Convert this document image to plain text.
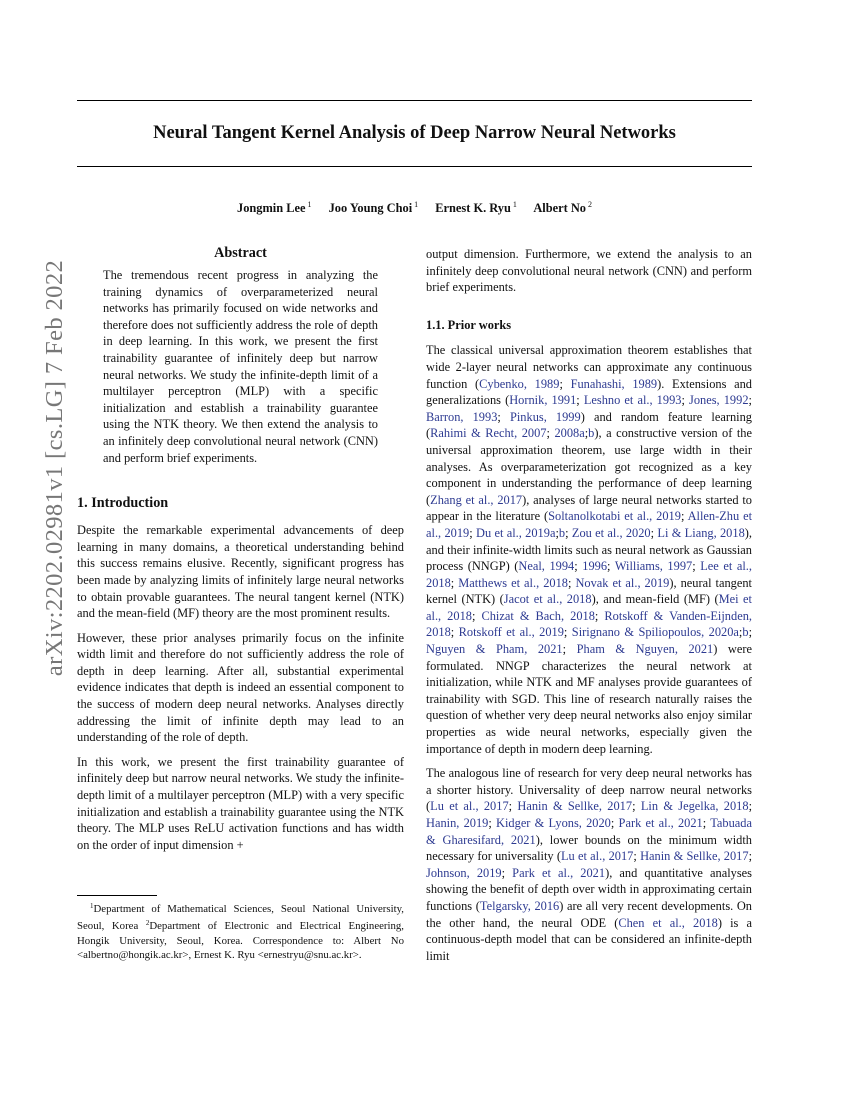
Neural Tangent Kernel Analysis of Deep Narrow Neural Networks
Jongmin Lee $^1$ Joo Young Choi $^1$ Ernest K. Ryu $^1$ Albert No $^2$
arXiv:2202.02981v1 [cs.LG] 7 Feb 2022

Abstract

The tremendous recent progress in analyzing the training dynamics of overparameterized neural networks has primarily focused on wide networks and therefore does not sufficiently address the role of depth in deep learning. In this work, we present the first trainability guarantee of infinitely deep but narrow neural networks. We study the infinite-depth limit of a multilayer perceptron (MLP) with a specific initialization and establish a trainability guarantee using the NTK theory. We then extend the analysis to an infinitely deep convolutional neural network (CNN) and perform brief experiments.

1. Introduction

Despite the remarkable experimental advancements of deep learning in many domains, a theoretical understanding behind this success remains elusive. Recently, significant progress has been made by analyzing limits of infinitely large neural networks to obtain provable guarantees. The neural tangent kernel (NTK) and the mean-field (MF) theory are the most prominent results.

However, these prior analyses primarily focus on the infinite width limit and therefore do not sufficiently address the role of depth in deep learning. After all, substantial experimental evidence indicates that depth is indeed an essential component to the success of modern deep neural networks. Analyses directly addressing the limit of infinite depth may lead to an understanding of the role of depth.

In this work, we present the first trainability guarantee of infinitely deep but narrow neural networks. We study the infinite-depth limit of a multilayer perceptron (MLP) with a very specific initialization and establish a trainability guarantee using the NTK theory. The MLP uses ReLU activation functions and has width on the order of input dimension +

$^1$Department of Mathematical Sciences, Seoul National University, Seoul, Korea $^2$Department of Electronic and Electrical Engineering, Hongik University, Seoul, Korea. Correspondence to: Albert No <albertno@hongik.ac.kr>, Ernest K. Ryu <ernestryu@snu.ac.kr>.

output dimension. Furthermore, we extend the analysis to an infinitely deep convolutional neural network (CNN) and perform brief experiments.

1.1. Prior works

The classical universal approximation theorem establishes that wide 2-layer neural networks can approximate any continuous function (Cybenko, 1989; Funahashi, 1989). Extensions and generalizations (Hornik, 1991; Leshno et al., 1993; Jones, 1992; Barron, 1993; Pinkus, 1999) and random feature learning (Rahimi & Recht, 2007; 2008a;b), a constructive version of the universal approximation theorem, use large width in their analyses. As overparameterization got recognized as a key component in understanding the performance of deep learning (Zhang et al., 2017), analyses of large neural networks started to appear in the literature (Soltanolkotabi et al., 2019; Allen-Zhu et al., 2019; Du et al., 2019a;b; Zou et al., 2020; Li & Liang, 2018), and their infinite-width limits such as neural network as Gaussian process (NNGP) (Neal, 1994; 1996; Williams, 1997; Lee et al., 2018; Matthews et al., 2018; Novak et al., 2019), neural tangent kernel (NTK) (Jacot et al., 2018), and mean-field (MF) (Mei et al., 2018; Chizat & Bach, 2018; Rotskoff & Vanden-Eijnden, 2018; Rotskoff et al., 2019; Sirignano & Spiliopoulos, 2020a;b; Nguyen & Pham, 2021; Pham & Nguyen, 2021) were formulated. NNGP characterizes the neural network at initialization, while NTK and MF analyses provide guarantees of trainability with SGD. This line of research naturally raises the question of whether very deep neural networks also enjoy similar properties as wide neural networks, especially given the importance of depth in modern deep learning.

The analogous line of research for very deep neural networks has a shorter history. Universality of deep narrow neural networks (Lu et al., 2017; Hanin & Sellke, 2017; Lin & Jegelka, 2018; Hanin, 2019; Kidger & Lyons, 2020; Park et al., 2021; Tabuada & Gharesifard, 2021), lower bounds on the minimum width necessary for universality (Lu et al., 2017; Hanin & Sellke, 2017; Johnson, 2019; Park et al., 2021), and quantitative analyses showing the benefit of depth over width in approximating certain functions (Telgarsky, 2016) are all very recent developments. On the other hand, the neural ODE (Chen et al., 2018) is a continuous-depth model that can be considered an infinite-depth limit
